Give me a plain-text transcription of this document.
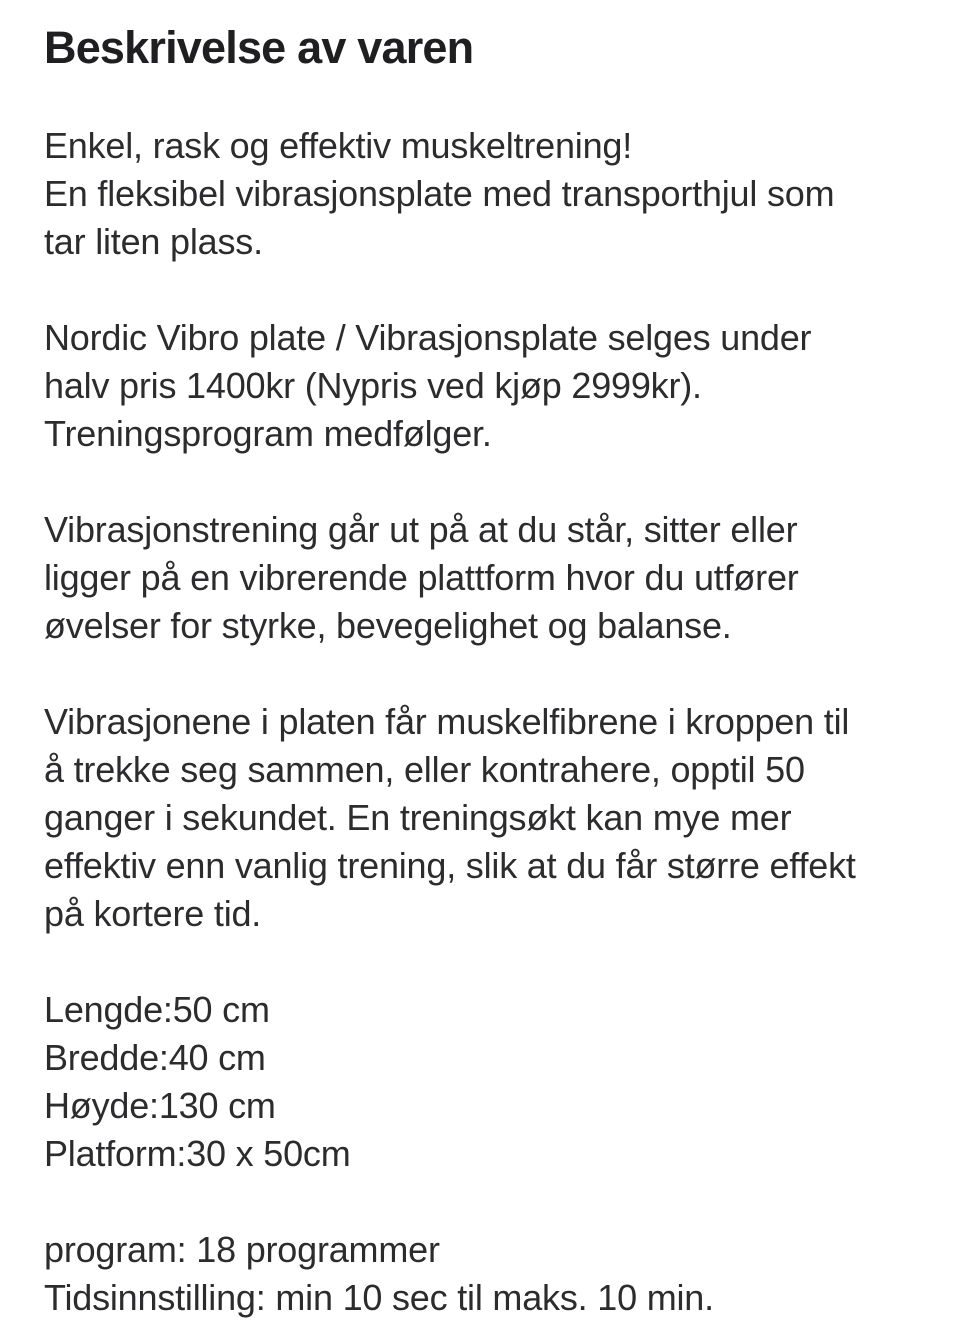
Beskrivelse av varen

Enkel, rask og effektiv muskeltrening!
En fleksibel vibrasjonsplate med transporthjul som
tar liten plass.

Nordic Vibro plate / Vibrasjonsplate selges under
halv pris 1400kr (Nypris ved kjøp 2999kr).
Treningsprogram medfølger.

Vibrasjonstrening går ut på at du står, sitter eller
ligger på en vibrerende plattform hvor du utfører
øvelser for styrke, bevegelighet og balanse.

Vibrasjonene i platen får muskelfibrene i kroppen til
å trekke seg sammen, eller kontrahere, opptil 50
ganger i sekundet. En treningsøkt kan mye mer
effektiv enn vanlig trening, slik at du får større effekt
på kortere tid.

Lengde:50 cm
Bredde:40 cm
Høyde:130 cm
Platform:30 x 50cm

program: 18 programmer
Tidsinnstilling: min 10 sec til maks. 10 min.
